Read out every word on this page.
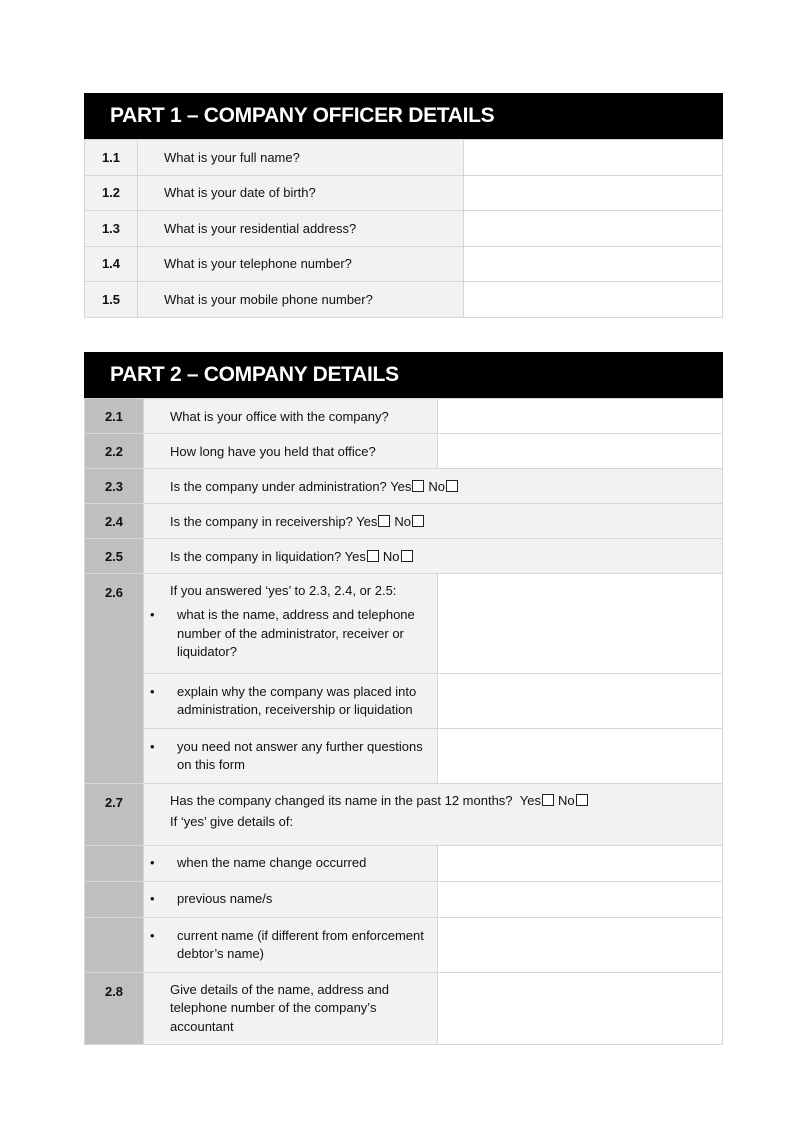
PART 1 – COMPANY OFFICER DETAILS
1.1	What is your full name?	
1.2	What is your date of birth?	
1.3	What is your residential address?	
1.4	What is your telephone number?	
1.5	What is your mobile phone number?	
PART 2 – COMPANY DETAILS
2.1	What is your office with the company?	
2.2	How long have you held that office?	
2.3	Is the company under administration? Yes No	
2.4	Is the company in receivership? Yes No	
2.5	Is the company in liquidation? Yes No	
2.6	If you answered ‘yes’ to 2.3, 2.4, or 2.5:
• what is the name, address and telephone number of the administrator, receiver or liquidator?	

	• explain why the company was placed into administration, receivership or liquidation	

	• you need not answer any further questions on this form	

2.7	Has the company changed its name in the past 12 months? Yes No
If ‘yes’ give details of:	

	• when the name change occurred	

	• previous name/s	

	• current name (if different from enforcement debtor’s name)	

2.8	Give details of the name, address and telephone number of the company’s accountant	
